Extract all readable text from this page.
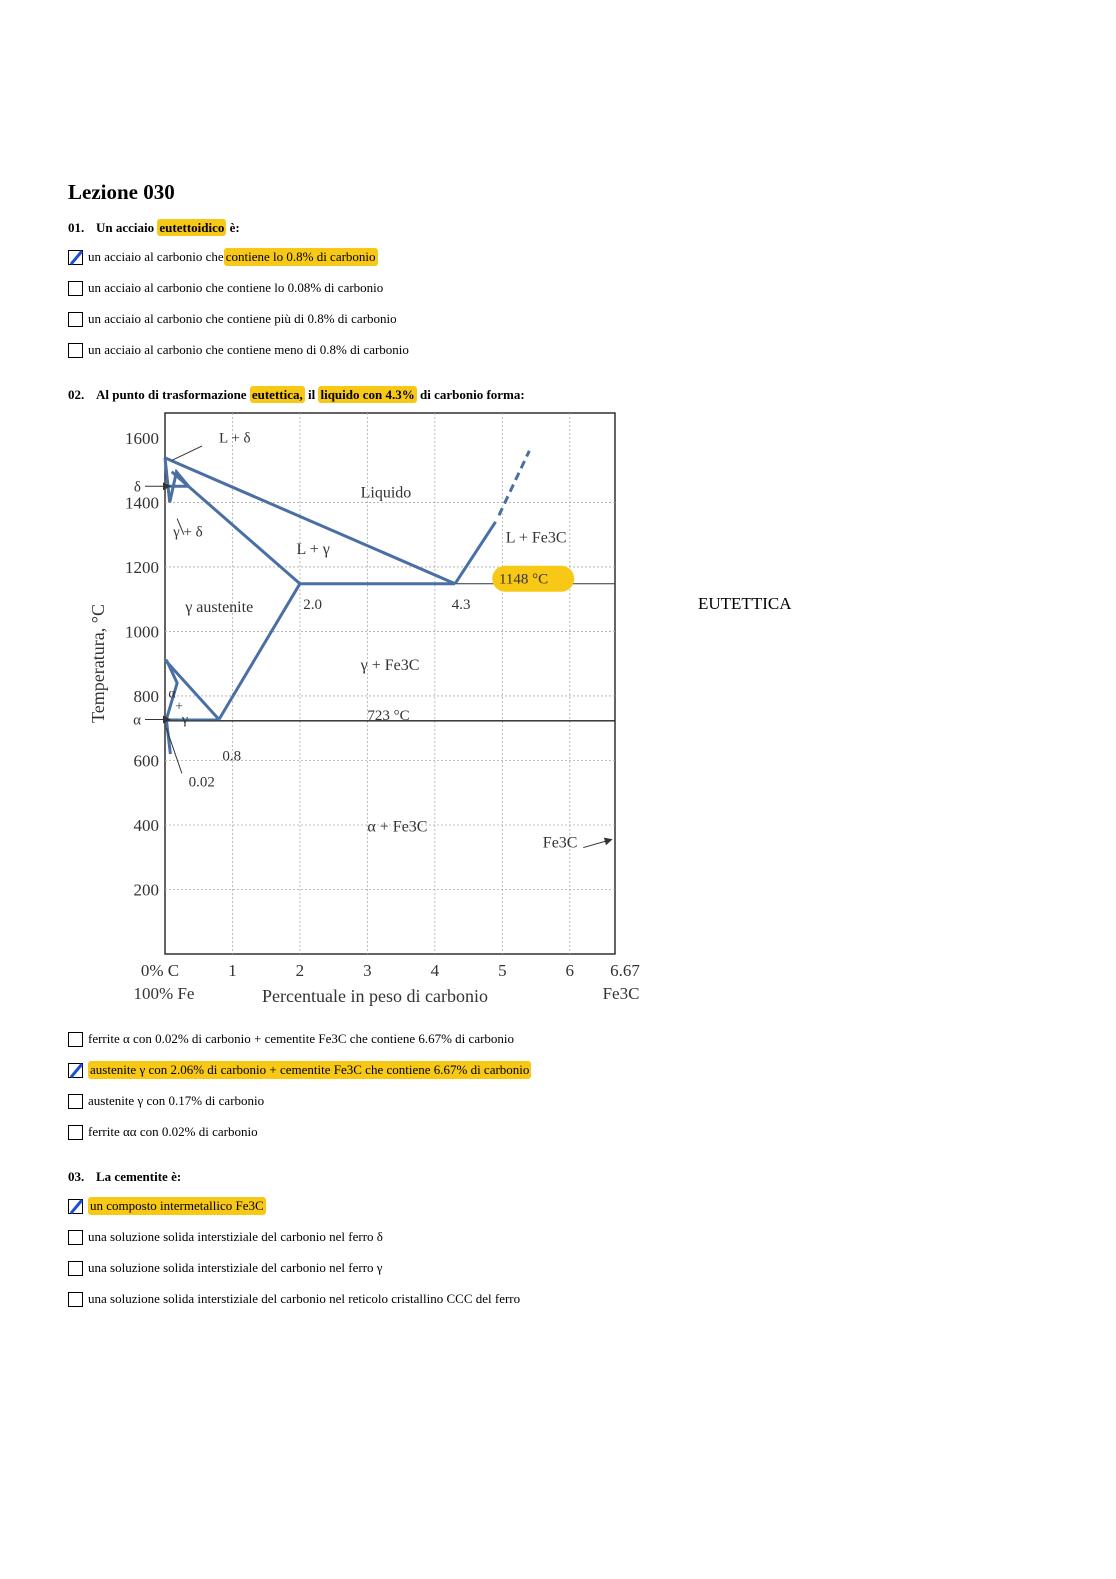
Lezione 030
01. Un acciaio eutettoidico è:
un acciaio al carbonio che contiene lo 0.8% di carbonio
un acciaio al carbonio che contiene lo 0.08% di carbonio
un acciaio al carbonio che contiene più di 0.8% di carbonio
un acciaio al carbonio che contiene meno di 0.8% di carbonio
02. Al punto di trasformazione eutettica, il liquido con 4.3% di carbonio forma:
ferrite α con 0.02% di carbonio + cementite Fe3C che contiene 6.67% di carbonio
austenite γ con 2.06% di carbonio + cementite Fe3C che contiene 6.67% di carbonio
austenite γ con 0.17% di carbonio
ferrite αα con 0.02% di carbonio
03. La cementite è:
un composto intermetallico Fe3C
una soluzione solida interstiziale del carbonio nel ferro δ
una soluzione solida interstiziale del carbonio nel ferro γ
una soluzione solida interstiziale del carbonio nel reticolo cristallino CCC del ferro
EUTETTICA
0% C	1	2	3	4	5	6 6.67
100% Fe	Fe3C
1600
1400
1200
1000
800
600
400
200
Percentuale in peso di carbonio
Temperatura, °C
L + δ
Liquido
γ + δ	L + Fe3C
L + γ
1148 °C
γ austenite
γ + Fe3C
723 °C
α + Fe3C
Fe3C
α
+
γ
2.0	4.3
0.8
0.02
δ
α
